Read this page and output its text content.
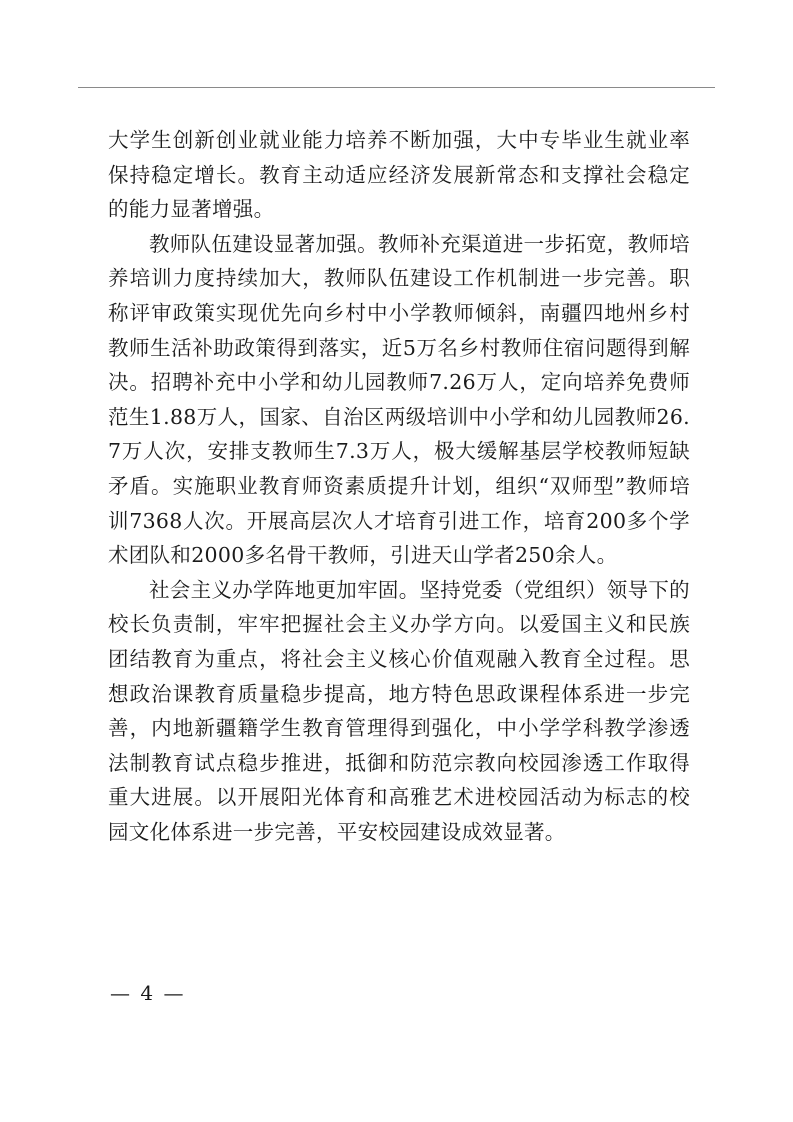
大学生创新创业就业能力培养不断加强，大中专毕业生就业率保持稳定增长。教育主动适应经济发展新常态和支撑社会稳定的能力显著增强。

教师队伍建设显著加强。教师补充渠道进一步拓宽，教师培养培训力度持续加大，教师队伍建设工作机制进一步完善。职称评审政策实现优先向乡村中小学教师倾斜，南疆四地州乡村教师生活补助政策得到落实，近5万名乡村教师住宿问题得到解决。招聘补充中小学和幼儿园教师7.26万人，定向培养免费师范生1.88万人，国家、自治区两级培训中小学和幼儿园教师26.7万人次，安排支教师生7.3万人，极大缓解基层学校教师短缺矛盾。实施职业教育师资素质提升计划，组织“双师型”教师培训7368人次。开展高层次人才培育引进工作，培育200多个学术团队和2000多名骨干教师，引进天山学者250余人。

社会主义办学阵地更加牢固。坚持党委（党组织）领导下的校长负责制，牢牢把握社会主义办学方向。以爱国主义和民族团结教育为重点，将社会主义核心价值观融入教育全过程。思想政治课教育质量稳步提高，地方特色思政课程体系进一步完善，内地新疆籍学生教育管理得到强化，中小学学科教学渗透法制教育试点稳步推进，抵御和防范宗教向校园渗透工作取得重大进展。以开展阳光体育和高雅艺术进校园活动为标志的校园文化体系进一步完善，平安校园建设成效显著。

— 4 —
